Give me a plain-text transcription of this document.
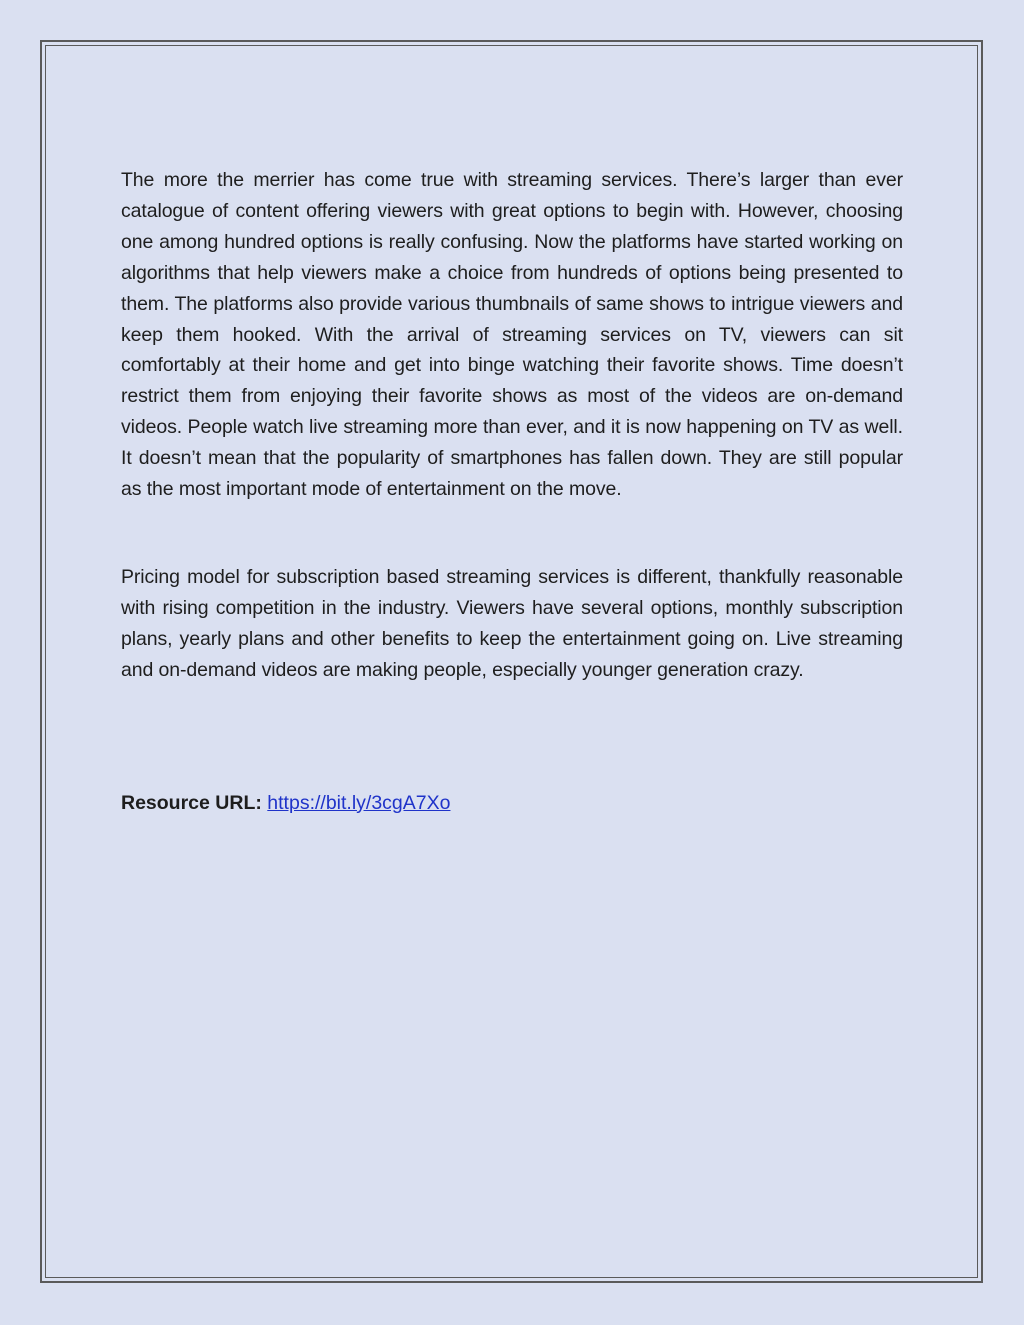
The more the merrier has come true with streaming services. There’s larger than ever catalogue of content offering viewers with great options to begin with. However, choosing one among hundred options is really confusing. Now the platforms have started working on algorithms that help viewers make a choice from hundreds of options being presented to them. The platforms also provide various thumbnails of same shows to intrigue viewers and keep them hooked. With the arrival of streaming services on TV, viewers can sit comfortably at their home and get into binge watching their favorite shows. Time doesn’t restrict them from enjoying their favorite shows as most of the videos are on-demand videos. People watch live streaming more than ever, and it is now happening on TV as well. It doesn’t mean that the popularity of smartphones has fallen down. They are still popular as the most important mode of entertainment on the move.

Pricing model for subscription based streaming services is different, thankfully reasonable with rising competition in the industry. Viewers have several options, monthly subscription plans, yearly plans and other benefits to keep the entertainment going on. Live streaming and on-demand videos are making people, especially younger generation crazy.

Resource URL: https://bit.ly/3cgA7Xo
